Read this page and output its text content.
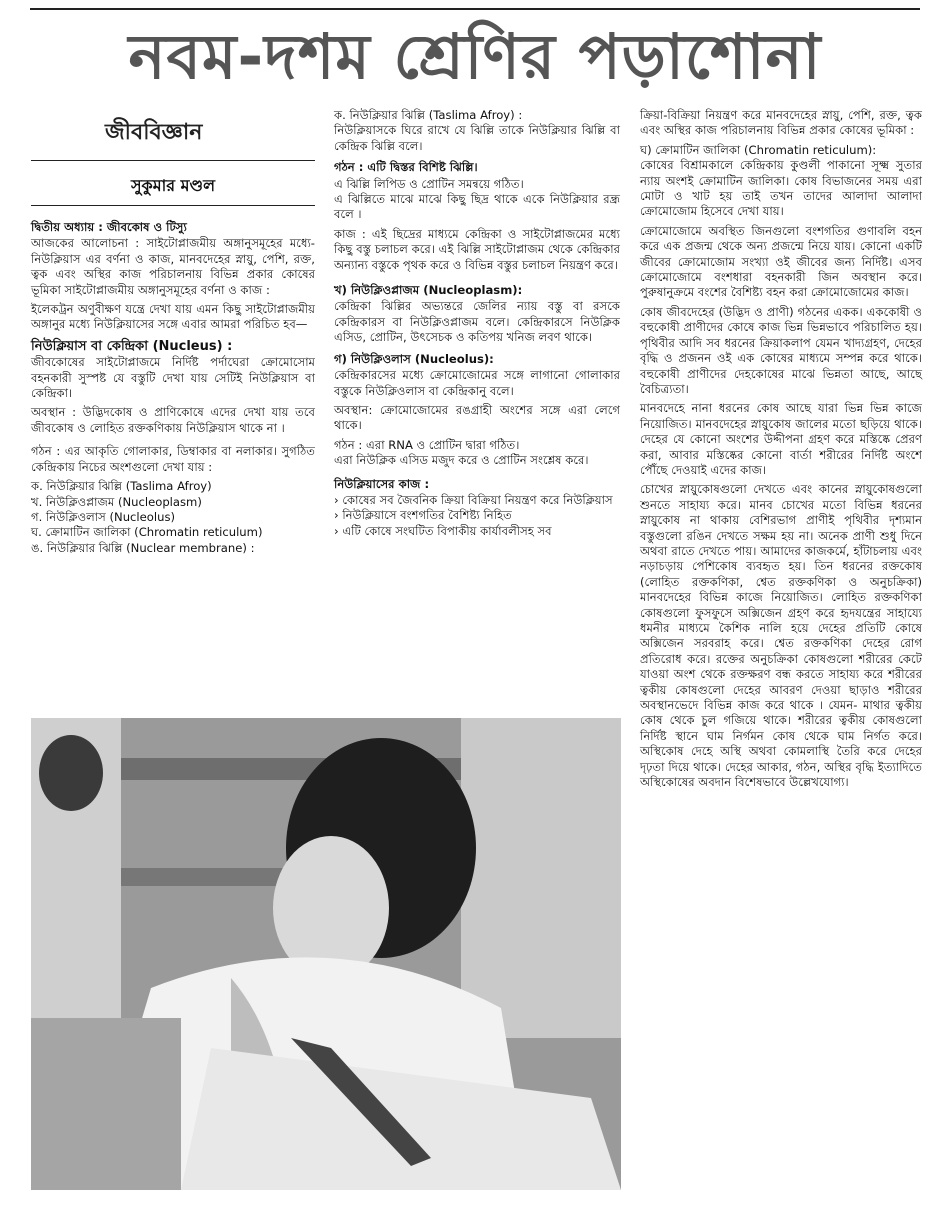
নবম-দশম শ্রেণির পড়াশোনা
জীববিজ্ঞান
সুকুমার মণ্ডল
দ্বিতীয় অধ্যায় : জীবকোষ ও টিস্যু

আজকের আলোচনা : সাইটোপ্লাজমীয় অঙ্গানুসমূহের মধ্যে- নিউক্লিয়াস এর বর্ণনা ও কাজ, মানবদেহের স্নায়ু, পেশি, রক্ত, ত্বক এবং অস্থির কাজ পরিচালনায় বিভিন্ন প্রকার কোষের ভূমিকা সাইটোপ্লাজমীয় অঙ্গানুসমূহের বর্ণনা ও কাজ :

ইলেকট্রন অণুবীক্ষণ যন্ত্রে দেখা যায় এমন কিছু সাইটোপ্লাজমীয় অঙ্গানুর মধ্যে নিউক্লিয়াসের সঙ্গে এবার আমরা পরিচিত হব—

নিউক্লিয়াস বা কেন্দ্রিকা (Nucleus) :

জীবকোষের সাইটোপ্লাজমে নির্দিষ্ট পর্দাঘেরা ক্রোমোসোম বহনকারী সুস্পষ্ট যে বস্তুটি দেখা যায় সেটিই নিউক্লিয়াস বা কেন্দ্রিকা।

অবস্থান : উদ্ভিদকোষ ও প্রাণিকোষে এদের দেখা যায় তবে জীবকোষ ও লোহিত রক্তকণিকায় নিউক্লিয়াস থাকে না ।

গঠন : এর আকৃতি গোলাকার, ডিম্বাকার বা নলাকার। সুগঠিত কেন্দ্রিকায় নিচের অংশগুলো দেখা যায় :

ক. নিউক্লিয়ার ঝিল্লি (Taslima Afroy)
খ. নিউক্লিওপ্লাজম (Nucleoplasm)
গ. নিউক্লিওলাস (Nucleolus)
ঘ. ক্রোমাটিন জালিকা (Chromatin reticulum)
ঙ. নিউক্লিয়ার ঝিল্লি (Nuclear membrane) :
ক. নিউক্লিয়ার ঝিল্লি (Taslima Afroy) :

নিউক্লিয়াসকে ঘিরে রাখে যে ঝিল্লি তাকে নিউক্লিয়ার ঝিল্লি বা কেন্দ্রিক ঝিল্লি বলে।

গঠন : এটি দ্বিস্তর বিশিষ্ট ঝিল্লি।
এ ঝিল্লি লিপিড ও প্রোটিন সমন্বয়ে গঠিত।

এ ঝিল্লিতে মাঝে মাঝে কিছু ছিদ্র থাকে একে নিউক্লিয়ার রন্ধ্র বলে ।

কাজ : এই ছিদ্রের মাধ্যমে কেন্দ্রিকা ও সাইটোপ্লাজমের মধ্যে কিছু বস্তু চলাচল করে। এই ঝিল্লি সাইটোপ্লাজম থেকে কেন্দ্রিকার অন্যান্য বস্তুকে পৃথক করে ও বিভিন্ন বস্তুর চলাচল নিয়ন্ত্রণ করে।

খ) নিউক্লিওপ্লাজম (Nucleoplasm):

কেন্দ্রিকা ঝিল্লির অভ্যন্তরে জেলির ন্যায় বস্তু বা রসকে কেন্দ্রিকারস বা নিউক্লিওপ্লাজম বলে। কেন্দ্রিকারসে নিউক্লিক এসিড, প্রোটিন, উৎসেচক ও কতিপয় খনিজ লবণ থাকে।

গ) নিউক্লিওলাস (Nucleolus):

কেন্দ্রিকারসের মধ্যে ক্রোমোজোমের সঙ্গে লাগানো গোলাকার বস্তুকে নিউক্লিওলাস বা কেন্দ্রিকানু বলে।

অবস্থান: ক্রোমোজোমের রঙগ্রাহী অংশের সঙ্গে এরা লেগে থাকে।

গঠন : এরা RNA ও প্রোটিন দ্বারা গঠিত।

এরা নিউক্লিক এসিড মজুদ করে ও প্রোটিন সংশ্লেষ করে।

নিউক্লিয়াসের কাজ :
› কোষের সব জৈবনিক ক্রিয়া বিক্রিয়া নিয়ন্ত্রণ করে নিউক্লিয়াস
› নিউক্লিয়াসে বংশগতির বৈশিষ্ট্য নিহিত
› এটি কোষে সংঘটিত বিপাকীয় কার্যাবলীসহ সব

ক্রিয়া-বিক্রিয়া নিয়ন্ত্রণ করে মানবদেহের স্নায়ু, পেশি, রক্ত, ত্বক এবং অস্থির কাজ পরিচালনায় বিভিন্ন প্রকার কোষের ভূমিকা :

ঘ) ক্রোমাটিন জালিকা (Chromatin reticulum):

কোষের বিশ্রামকালে কেন্দ্রিকায় কুণ্ডলী পাকানো সূক্ষ্ম সুতার ন্যায় অংশই ক্রোমাটিন জালিকা। কোষ বিভাজনের সময় এরা মোটা ও খাট হয় তাই তখন তাদের আলাদা আলাদা ক্রোমোজোম হিসেবে দেখা যায়।

ক্রোমোজোমে অবস্থিত জিনগুলো বংশগতির গুণাবলি বহন করে এক প্রজন্ম থেকে অন্য প্রজন্মে নিয়ে যায়। কোনো একটি জীবের ক্রোমোজোম সংখ্যা ওই জীবের জন্য নির্দিষ্ট। এসব ক্রোমোজোমে বংশধারা বহনকারী জিন অবস্থান করে। পুরুষানুক্রমে বংশের বৈশিষ্ট্য বহন করা ক্রোমোজোমের কাজ।

কোষ জীবদেহের (উদ্ভিদ ও প্রাণী) গঠনের একক। এককোষী ও বহুকোষী প্রাণীদের কোষে কাজ ভিন্ন ভিন্নভাবে পরিচালিত হয়। পৃথিবীর আদি সব ধরনের ক্রিয়াকলাপ যেমন খাদ্যগ্রহণ, দেহের বৃদ্ধি ও প্রজনন ওই এক কোষের মাধ্যমে সম্পন্ন করে থাকে। বহুকোষী প্রাণীদের দেহকোষের মাঝে ভিন্নতা আছে, আছে বৈচিত্র্যতা।

মানবদেহে নানা ধরনের কোষ আছে যারা ভিন্ন ভিন্ন কাজে নিয়োজিত। মানবদেহের স্নায়ুকোষ জালের মতো ছড়িয়ে থাকে। দেহের যে কোনো অংশের উদ্দীপনা গ্রহণ করে মস্তিষ্কে প্রেরণ করা, আবার মস্তিষ্কের কোনো বার্তা শরীরের নির্দিষ্ট অংশে পৌঁছে দেওয়াই এদের কাজ।

চোখের স্নায়ুকোষগুলো দেখতে এবং কানের স্নায়ুকোষগুলো শুনতে সাহায্য করে। মানব চোখের মতো বিভিন্ন ধরনের স্নায়ুকোষ না থাকায় বেশিরভাগ প্রাণীই পৃথিবীর দৃশ্যমান বস্তুগুলো রঙিন দেখতে সক্ষম হয় না। অনেক প্রাণী শুধু দিনে অথবা রাতে দেখতে পায়। আমাদের কাজকর্মে, হাঁটাচলায় এবং নড়াচড়ায় পেশিকোষ ব্যবহৃত হয়। তিন ধরনের রক্তকোষ (লোহিত রক্তকণিকা, শ্বেত রক্তকণিকা ও অনুচক্রিকা) মানবদেহের বিভিন্ন কাজে নিয়োজিত। লোহিত রক্তকণিকা কোষগুলো ফুসফুসে অক্সিজেন গ্রহণ করে হৃদযন্ত্রের সাহায্যে ধমনীর মাধ্যমে কৈশিক নালি হয়ে দেহের প্রতিটি কোষে অক্সিজেন সরবরাহ করে। শ্বেত রক্তকণিকা দেহের রোগ প্রতিরোধ করে। রক্তের অনুচক্রিকা কোষগুলো শরীরের কেটে যাওয়া অংশ থেকে রক্তক্ষরণ বন্ধ করতে সাহায্য করে শরীরের ত্বকীয় কোষগুলো দেহের আবরণ দেওয়া ছাড়াও শরীরের অবস্থানভেদে বিভিন্ন কাজ করে থাকে । যেমন- মাথার ত্বকীয় কোষ থেকে চুল গজিয়ে থাকে। শরীরের ত্বকীয় কোষগুলো নির্দিষ্ট স্থানে ঘাম নির্গমন কোষ থেকে ঘাম নির্গত করে। অস্থিকোষ দেহে অস্থি অথবা কোমলাস্থি তৈরি করে দেহের দৃঢ়তা দিয়ে থাকে। দেহের আকার, গঠন, অস্থির বৃদ্ধি ইত্যাদিতে অস্থিকোষের অবদান বিশেষভাবে উল্লেখযোগ্য।
